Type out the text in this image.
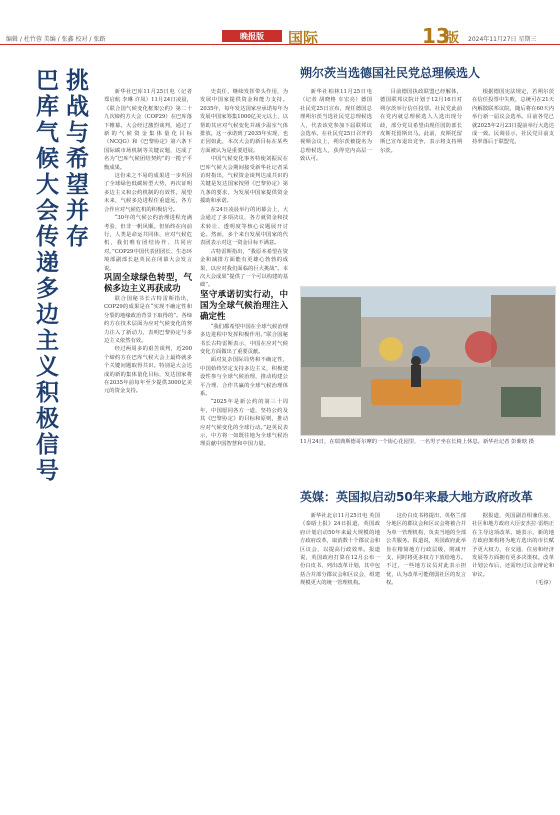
编辑 / 杜竹蓉 美编 / 张鑫 校对 / 张路	晚报版	国际	13
版 2024年11月27日 星期三
挑战与希望并存
巴库气候大会传递多边主义积极信号	新华社巴库11月25日电（记者 郑启航 李琳 许凤）11月24日凌晨，《联合国气候变化框架公约》第二十九次缔约方大会（COP29）在巴库落下帷幕。大会经过激烈谈判，通过了新的气候资金集体量化目标（NCQG）和《巴黎协定》第六条下国际碳市场机制等关键议题，达成了名为“巴库气候团结契约”的一揽子平衡成果。

这份来之不易的成果进一步巩固了全球绿色低碳转型大势，再次证明多边主义和公约机制的有效性。展望未来，气候多边进程任重道远，各方合作应对气候危机的积极信号。

“30年的气候公约治理进程充满考验，但非一帆风顺。但始终在向前行，人类是命运共同体，应对气候危机，我们唯有团结协作、共同应对。”COP29中国代表团团长、生态环境部副部长赵英民在闭幕大会发言说。

巩固全球绿色转型，气候多边主义再获成功

联合国秘书长古特雷斯指出，COP29的成果是在“实现不确定性和分裂的地缘政治背景下取得的”。各缔约方在技术层面为应对气候变化的努力注入了新动力，表明巴黎协定与多边主义依然有效。

经过两周多的艰苦谈判，近200个缔约方在巴库气候大会上最终就多个关键问题取得共识。特别是大会达成的新的集体量化目标，发达国家将在2035年前每年至少提供3000亿美元的资金支持。

史责任，继续发挥带头作用，为发展中国家提供资金和能力支持。2035年，每年发达国家应承诺每年为发展中国家筹集1000亿美元以上，以帮助其应对气候变化并减少温室气体排放。这一承诺到了2035年实现，也正因如此，本次大会的新目标在某些方面被认为是重要进展。

中国气候变化事务特使刘振民在巴库气候大会期间接受新华社记者采访时指出，气候资金谈判达成共识的关键是发达国家按照《巴黎协定》第九条的要求，为发展中国家提供资金援助和承诺。

在24日凌晨举行的闭幕会上，大会通过了多项决议，各方就资金和技术转让、透明度等核心议题展开讨论。然而，多个来自发展中国家的代表团表示对这一资金目标不满意。

古特雷斯指出，“我原本希望在资金和减排方面能有更雄心勃勃的成果，以应对我们面临的巨大挑战”。本次大会成果“提供了一个可以构建的基础”。

坚守承诺切实行动，中国为全球气候治理注入确定性

“我们都希望中国在全球气候治理多边进程中发挥积极作用。”联合国秘书长古特雷斯表示，中国在应对气候变化方面做出了重要贡献。

面对复杂国际局势和不确定性，中国始终坚定支持多边主义，积极建设性参与全球气候治理，推动构建公平合理、合作共赢的全球气候治理体系。

“2025年是新公约的第三十周年，中国愿同各方一道，坚持公约及其《巴黎协定》的目标和原则，推动应对气候变化的全球行动。”赵英民表示，中方将一如既往地为全球气候治理贡献中国智慧和中国力量。

朔尔茨当选德国社民党总理候选人

新华社柏林11月25日电（记者 胡晓格 车宏亮）德国社民党25日宣布，现任德国总理朔尔茨当选社民党总理候选人，代表该党参加下届联邦议会选举。在社民党25日召开的视频会议上，朔尔茨被提名为总理候选人，获得党内高层一致认可。

目前德国执政联盟已经解体，德国联邦议院计划于12月16日对朔尔茨举行信任投票。社民党此前在党内就总理候选人人选出现分歧，部分党员希望由现任国防部长皮斯托留斯出马。此前，皮斯托留斯已宣布退出竞争，表示将支持朔尔茨。

根据德国宪法规定，若朔尔茨在信任投票中失败，总统可在21天内解散联邦议院，随后将在60天内举行新一届议会选举。目前各党已就2025年2月23日提前举行大选达成一致。民调显示，社民党目前支持率落后于联盟党。

11月24日，在瑞典斯德哥尔摩的一个街心花园里，一名男子坐在长椅上休息。新华社记者 彭紫晗 摄
英媒：英国拟启动50年来最大地方政府改革

新华社北京11月25日电 英国《泰晤士报》24日报道，英国政府计划启动50年来最大规模的地方政府改革，取消数十个郡议会和区议会，以提高行政效率。报道说，英国政府打算在12月公布一份白皮书，列出改革计划，其中包括合并部分郡议会和区议会，组建规模更大的统一管理机构。

这份白皮书将提出，英格兰部分地区的郡议会和区议会将被合并为单一管理机构，负责当地的全部公共服务。报道说，英国政府此举旨在精简地方行政层级，削减开支，同时将更多权力下放给地方。不过，一些地方议员对此表示担忧，认为改革可能削弱社区的发言权。

据报道，英国副首相兼住房、社区和地方政府大臣安杰拉·雷纳正在主导这项改革。她表示，新的地方政府架构将为地方选出的市长赋予更大权力，在交通、住房和经济发展等方面拥有更多决策权。改革计划公布后，还需经过议会辩论和审议。

（毛淳）
